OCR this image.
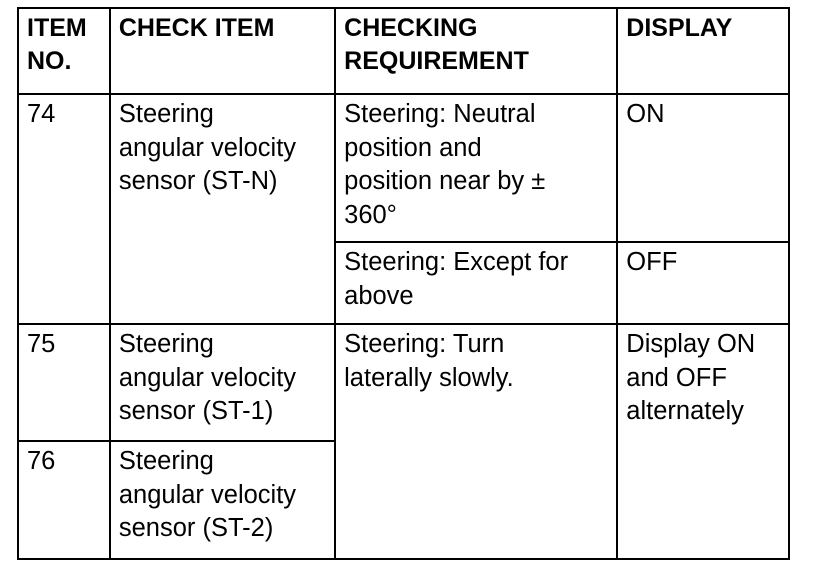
ITEM
NO.	CHECK ITEM	CHECKING
REQUIREMENT	DISPLAY

74	Steering
angular velocity
sensor (ST-N)	Steering: Neutral
position and
position near by ±
360°	ON

		Steering: Except for
above	OFF

75	Steering
angular velocity
sensor (ST-1)	Steering: Turn
laterally slowly.	Display ON
and OFF
alternately

76	Steering
angular velocity
sensor (ST-2)		
